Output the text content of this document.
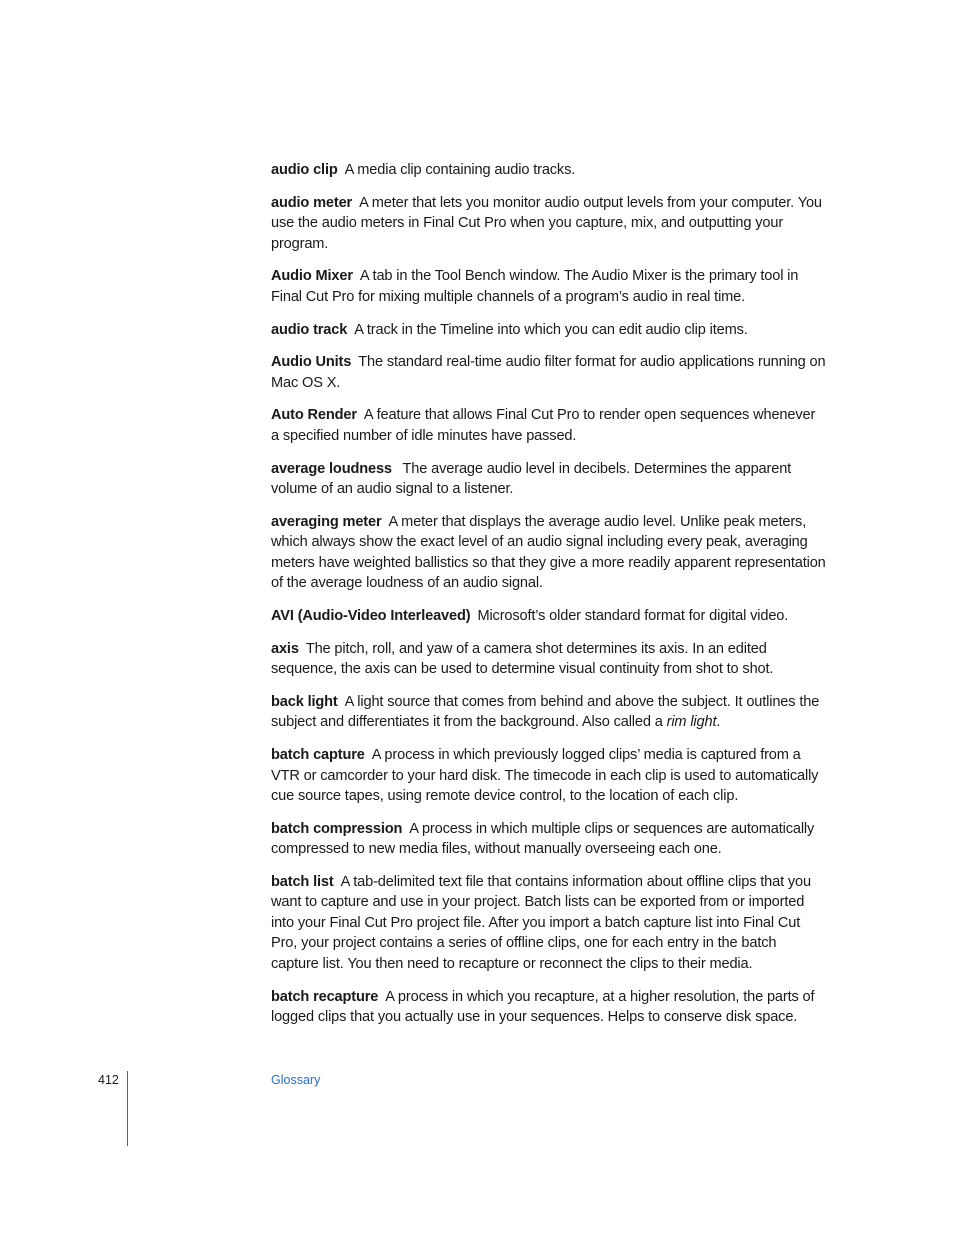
audio clip A media clip containing audio tracks.

audio meter A meter that lets you monitor audio output levels from your computer. You use the audio meters in Final Cut Pro when you capture, mix, and outputting your program.

Audio Mixer A tab in the Tool Bench window. The Audio Mixer is the primary tool in Final Cut Pro for mixing multiple channels of a program’s audio in real time.

audio track A track in the Timeline into which you can edit audio clip items.

Audio Units The standard real-time audio filter format for audio applications running on Mac OS X.

Auto Render A feature that allows Final Cut Pro to render open sequences whenever a specified number of idle minutes have passed.

average loudness The average audio level in decibels. Determines the apparent volume of an audio signal to a listener.

averaging meter A meter that displays the average audio level. Unlike peak meters, which always show the exact level of an audio signal including every peak, averaging meters have weighted ballistics so that they give a more readily apparent representation of the average loudness of an audio signal.

AVI (Audio-Video Interleaved) Microsoft’s older standard format for digital video.

axis The pitch, roll, and yaw of a camera shot determines its axis. In an edited sequence, the axis can be used to determine visual continuity from shot to shot.

back light A light source that comes from behind and above the subject. It outlines the subject and differentiates it from the background. Also called a rim light.

batch capture A process in which previously logged clips’ media is captured from a VTR or camcorder to your hard disk. The timecode in each clip is used to automatically cue source tapes, using remote device control, to the location of each clip.

batch compression A process in which multiple clips or sequences are automatically compressed to new media files, without manually overseeing each one.

batch list A tab-delimited text file that contains information about offline clips that you want to capture and use in your project. Batch lists can be exported from or imported into your Final Cut Pro project file. After you import a batch capture list into Final Cut Pro, your project contains a series of offline clips, one for each entry in the batch capture list. You then need to recapture or reconnect the clips to their media.

batch recapture A process in which you recapture, at a higher resolution, the parts of logged clips that you actually use in your sequences. Helps to conserve disk space.

412	Glossary
